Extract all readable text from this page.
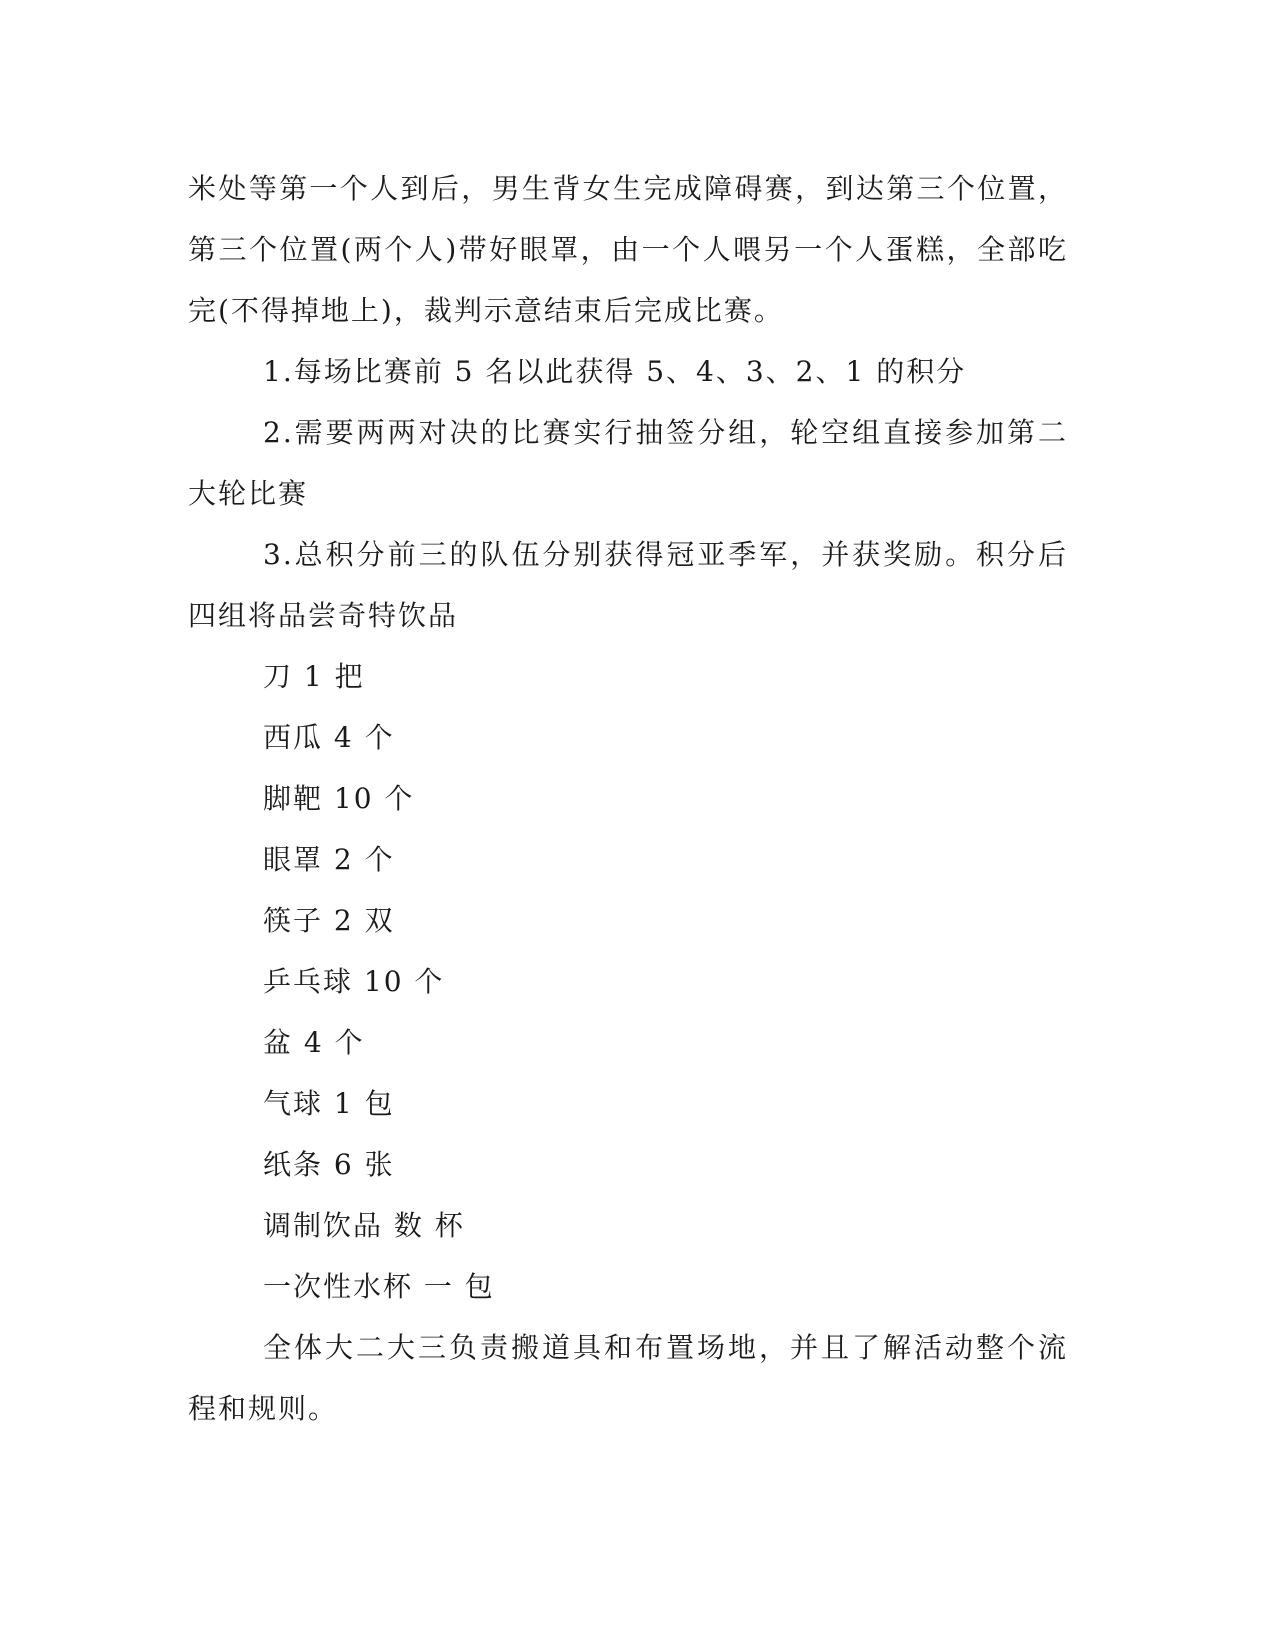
米处等第一个人到后，男生背女生完成障碍赛，到达第三个位置，第三个位置(两个人)带好眼罩，由一个人喂另一个人蛋糕，全部吃完(不得掉地上)，裁判示意结束后完成比赛。

1.每场比赛前 5 名以此获得 5、4、3、2、1 的积分

2.需要两两对决的比赛实行抽签分组，轮空组直接参加第二大轮比赛

3.总积分前三的队伍分别获得冠亚季军，并获奖励。积分后四组将品尝奇特饮品

刀 1 把

西瓜 4 个

脚靶 10 个

眼罩 2 个

筷子 2 双

乒乓球 10 个

盆 4 个

气球 1 包

纸条 6 张

调制饮品 数 杯

一次性水杯 一 包

全体大二大三负责搬道具和布置场地，并且了解活动整个流程和规则。
